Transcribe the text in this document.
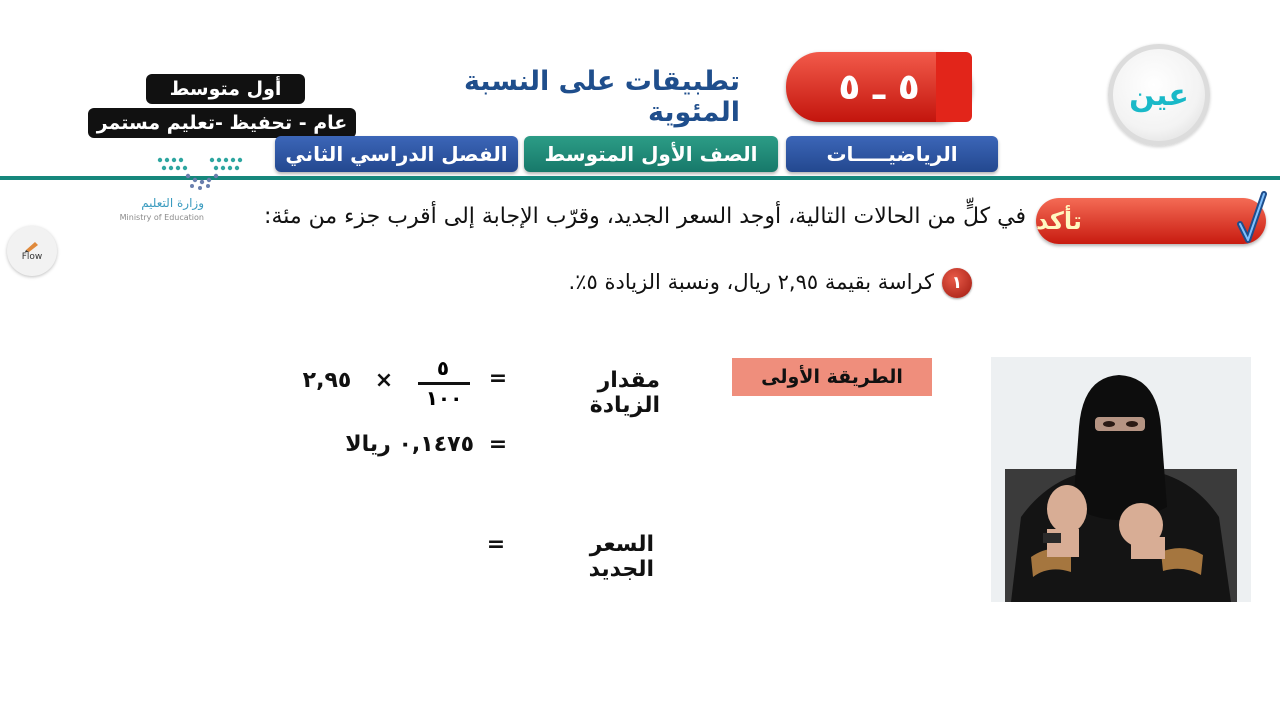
أول متوسط
عام - تحفيظ -تعليم مستمر
تطبيقات على النسبة المئوية
٥ ـ ٥	عين
الرياضيـــــات
الصف الأول المتوسط
الفصل الدراسي الثاني
وزارة التعليم
Ministry of Education
Flow
تأكد
في كلٍّ من الحالات التالية، أوجد السعر الجديد، وقرّب الإجابة إلى أقرب جزء من مئة:
١
كراسة بقيمة ٢,٩٥ ريال، ونسبة الزيادة ٥٪.
الطريقة الأولى
مقدار الزيادة
=
٥
١٠٠
×
٢,٩٥
=
٠,١٤٧٥ ريالا
السعر الجديد
=
